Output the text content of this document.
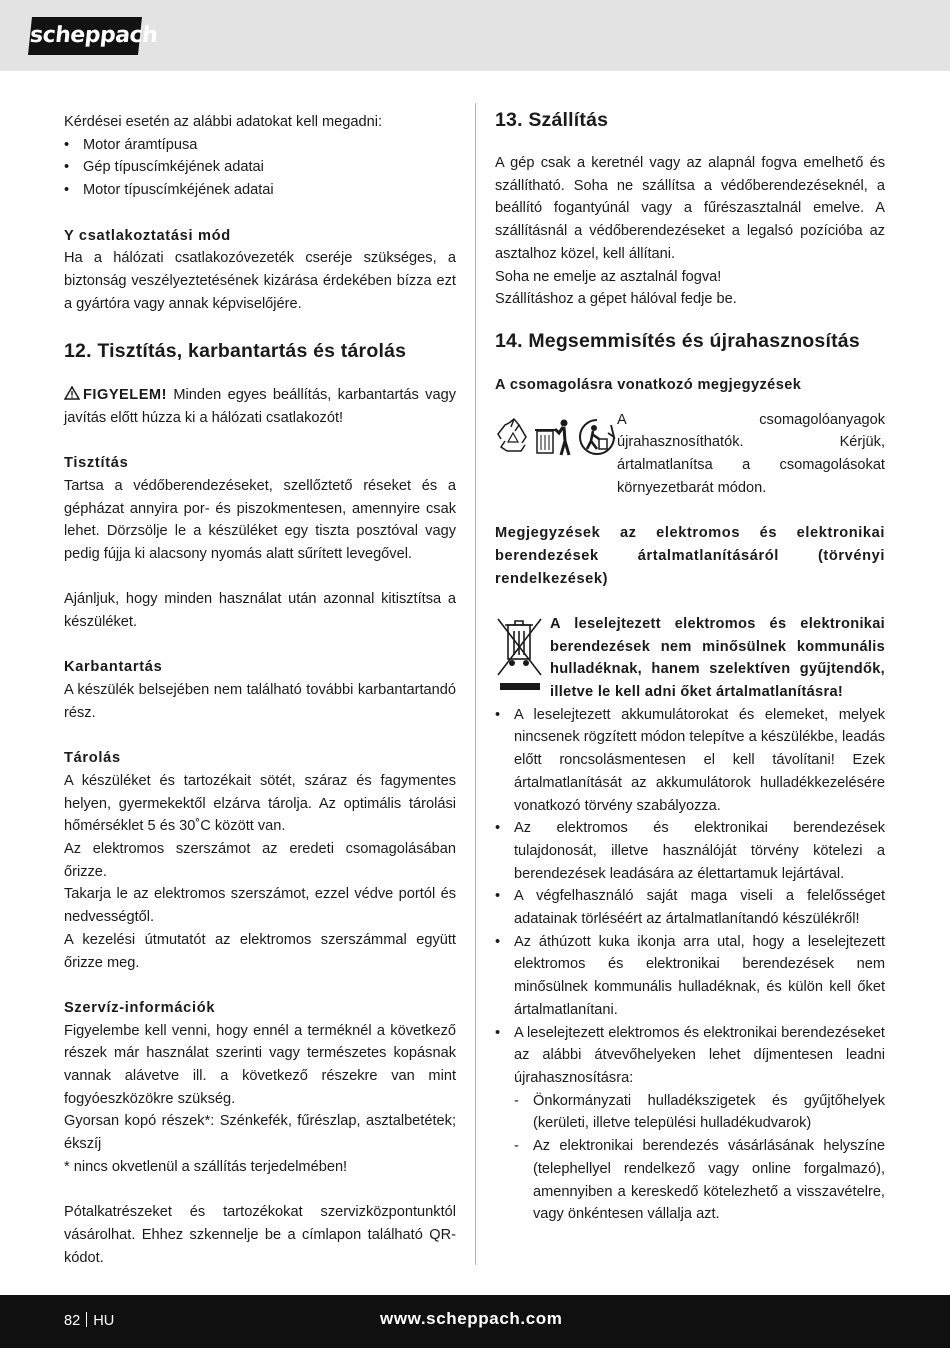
scheppach

Kérdései esetén az alábbi adatokat kell megadni:

• Motor áramtípusa
• Gép típuscímkéjének adatai
• Motor típuscímkéjének adatai

Y csatlakoztatási mód

Ha a hálózati csatlakozóvezeték cseréje szükséges, a biztonság veszélyeztetésének kizárása érdekében bízza ezt a gyártóra vagy annak képviselőjére.

12. Tisztítás, karbantartás és tárolás

FIGYELEM! Minden egyes beállítás, karbantartás vagy javítás előtt húzza ki a hálózati csatlakozót!

Tisztítás

Tartsa a védőberendezéseket, szellőztető réseket és a gépházat annyira por- és piszokmentesen, amennyire csak lehet. Dörzsölje le a készüléket egy tiszta posztóval vagy pedig fújja ki alacsony nyomás alatt sűrített levegővel.

Ajánljuk, hogy minden használat után azonnal kitisztítsa a készüléket.

Karbantartás

A készülék belsejében nem található további karbantartandó rész.

Tárolás

A készüléket és tartozékait sötét, száraz és fagymentes helyen, gyermekektől elzárva tárolja. Az optimális tárolási hőmérséklet 5 és 30˚C között van.

Az elektromos szerszámot az eredeti csomagolásában őrizze.

Takarja le az elektromos szerszámot, ezzel védve portól és nedvességtől.

A kezelési útmutatót az elektromos szerszámmal együtt őrizze meg.

Szervíz-információk

Figyelembe kell venni, hogy ennél a terméknél a következő részek már használat szerinti vagy természetes kopásnak vannak alávetve ill. a következő részekre van mint fogyóeszközökre szükség.

Gyorsan kopó részek*: Szénkefék, fűrészlap, asztalbetétek; ékszíj

* nincs okvetlenül a szállítás terjedelmében!

Pótalkatrészeket és tartozékokat szervizközpontunktól vásárolhat. Ehhez szkennelje be a címlapon található QR-kódot.

13. Szállítás

A gép csak a keretnél vagy az alapnál fogva emelhető és szállítható. Soha ne szállítsa a védőberendezéseknél, a beállító fogantyúnál vagy a fűrészasztalnál emelve. A szállításnál a védőberendezéseket a legalsó pozícióba az asztalhoz közel, kell állítani.

Soha ne emelje az asztalnál fogva!

Szállításhoz a gépet hálóval fedje be.

14. Megsemmisítés és újrahasznosítás

A csomagolásra vonatkozó megjegyzések

A csomagolóanyagok újrahasznosíthatók. Kérjük, ártalmatlanítsa a csomagolásokat környezetbarát módon.

Megjegyzések az elektromos és elektronikai berendezések ártalmatlanításáról (törvényi rendelkezések)

A leselejtezett elektromos és elektronikai berendezések nem minősülnek kommunális hulladéknak, hanem szelektíven gyűjtendők, illetve le kell adni őket ártalmatlanításra!

• A leselejtezett akkumulátorokat és elemeket, melyek nincsenek rögzített módon telepítve a készülékbe, leadás előtt roncsolásmentesen el kell távolítani! Ezek ártalmatlanítását az akkumulátorok hulladékkezelésére vonatkozó törvény szabályozza.
• Az elektromos és elektronikai berendezések tulajdonosát, illetve használóját törvény kötelezi a berendezések leadására az élettartamuk lejártával.
• A végfelhasználó saját maga viseli a felelősséget adatainak törléséért az ártalmatlanítandó készülékről!
• Az áthúzott kuka ikonja arra utal, hogy a leselejtezett elektromos és elektronikai berendezések nem minősülnek kommunális hulladéknak, és külön kell őket ártalmatlanítani.
• A leselejtezett elektromos és elektronikai berendezéseket az alábbi átvevőhelyeken lehet díjmentesen leadni újrahasznosításra:
- Önkormányzati hulladékszigetek és gyűjtőhelyek (kerületi, illetve települési hulladékudvarok)
- Az elektronikai berendezés vásárlásának helyszíne (telephellyel rendelkező vagy online forgalmazó), amennyiben a kereskedő kötelezhető a visszavételre, vagy önkéntesen vállalja azt.
82 HU	www.scheppach.com
